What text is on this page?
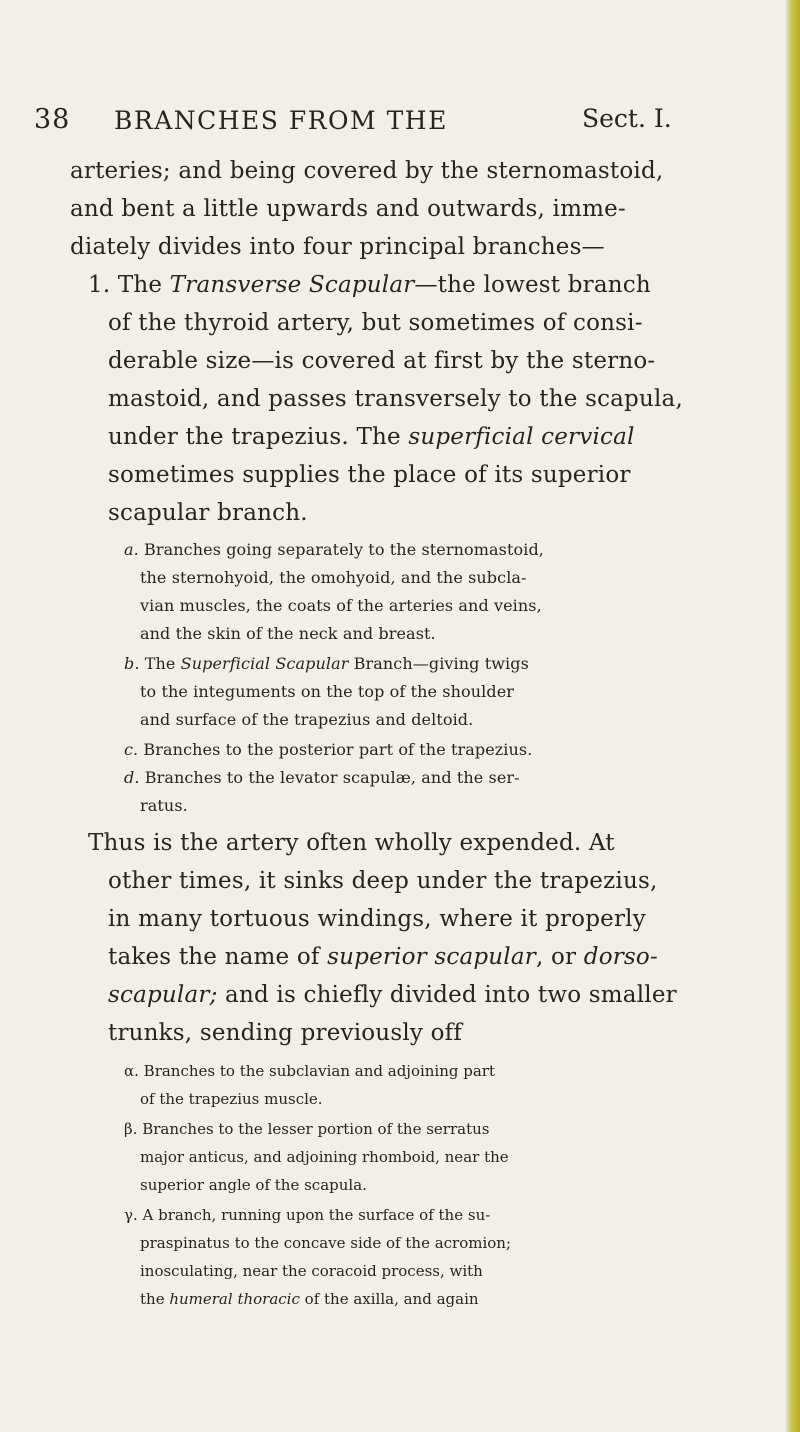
38 BRANCHES FROM THE	Sect. I.
arteries; and being covered by the sternomastoid,
and bent a little upwards and outwards, imme-
diately divides into four principal branches—
1. The Transverse Scapular—the lowest branch
of the thyroid artery, but sometimes of consi-
derable size—is covered at first by the sterno-
mastoid, and passes transversely to the scapula,
under the trapezius. The superficial cervical
sometimes supplies the place of its superior
scapular branch.
a. Branches going separately to the sternomastoid,
the sternohyoid, the omohyoid, and the subcla-
vian muscles, the coats of the arteries and veins,
and the skin of the neck and breast.
b. The Superficial Scapular Branch—giving twigs
to the integuments on the top of the shoulder
and surface of the trapezius and deltoid.
c. Branches to the posterior part of the trapezius.
d. Branches to the levator scapulæ, and the ser-
ratus.
Thus is the artery often wholly expended. At
other times, it sinks deep under the trapezius,
in many tortuous windings, where it properly
takes the name of superior scapular, or dorso-
scapular; and is chiefly divided into two smaller
trunks, sending previously off
α. Branches to the subclavian and adjoining part
of the trapezius muscle.
β. Branches to the lesser portion of the serratus
major anticus, and adjoining rhomboid, near the
superior angle of the scapula.
γ. A branch, running upon the surface of the su-
praspinatus to the concave side of the acromion;
inosculating, near the coracoid process, with
the humeral thoracic of the axilla, and again
